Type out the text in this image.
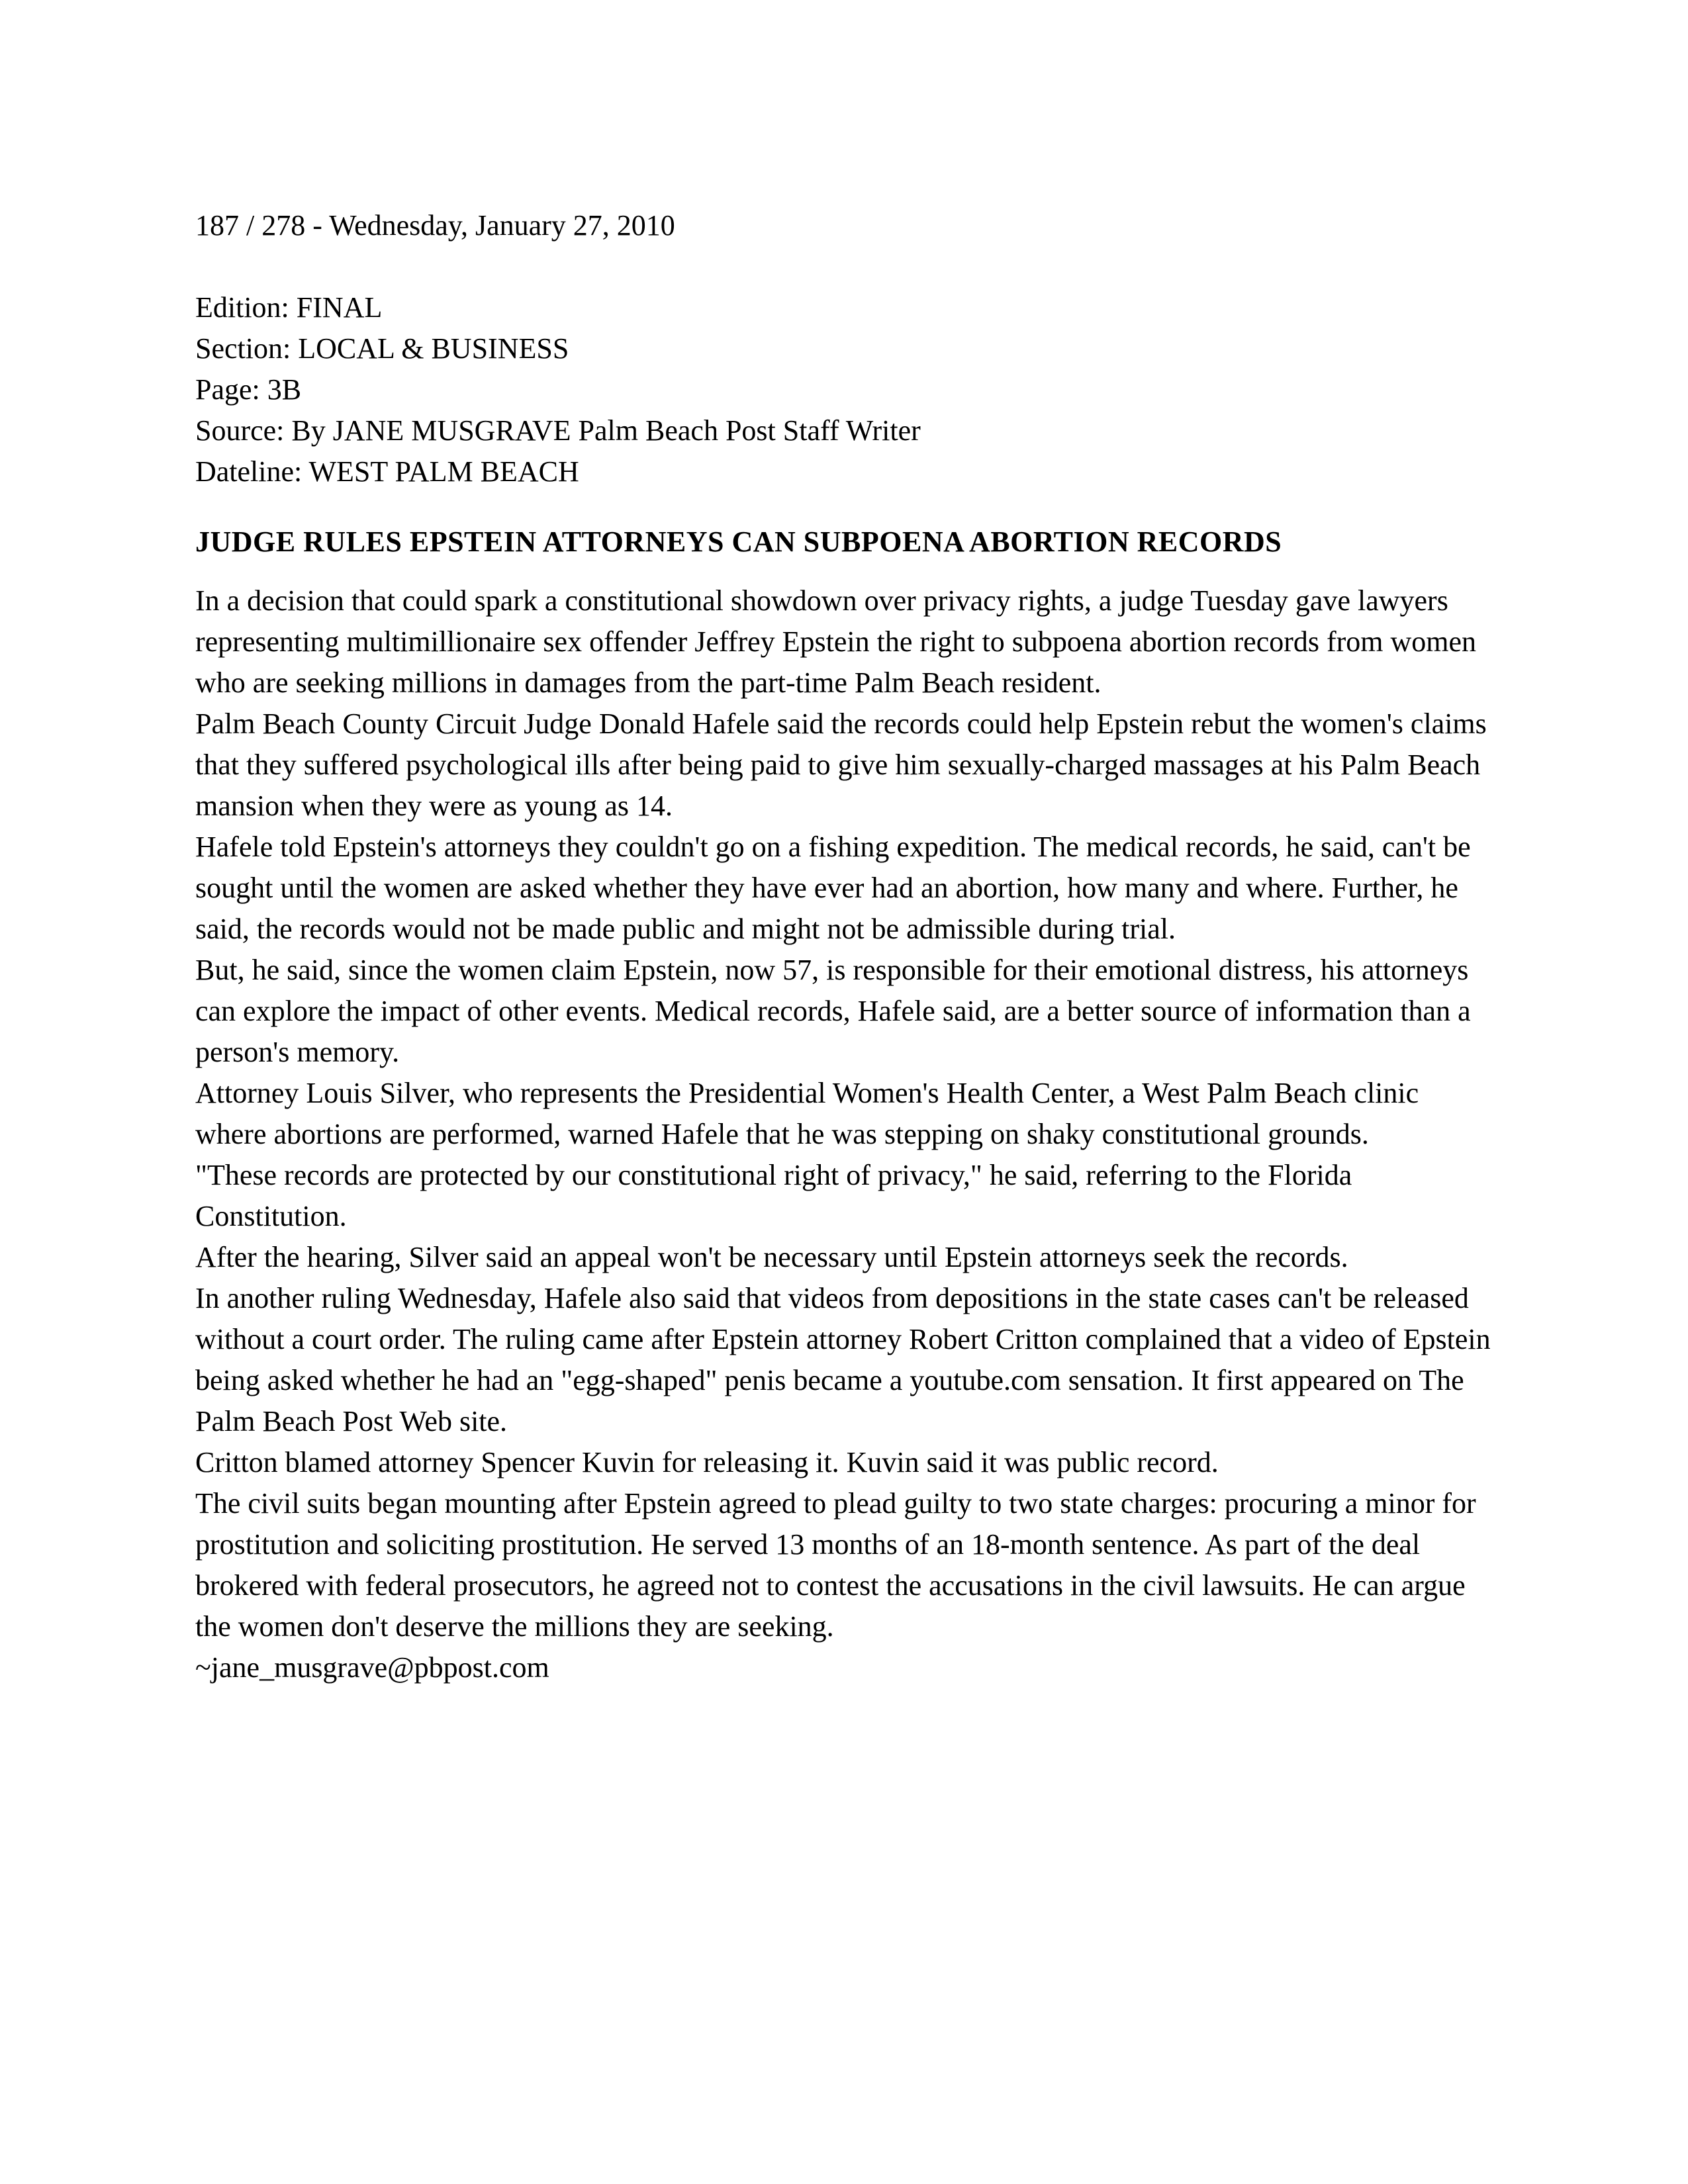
187 / 278 - Wednesday, January 27, 2010

Edition: FINAL

Section: LOCAL & BUSINESS

Page: 3B

Source: By JANE MUSGRAVE Palm Beach Post Staff Writer

Dateline: WEST PALM BEACH

JUDGE RULES EPSTEIN ATTORNEYS CAN SUBPOENA ABORTION RECORDS

In a decision that could spark a constitutional showdown over privacy rights, a judge Tuesday gave lawyers representing multimillionaire sex offender Jeffrey Epstein the right to subpoena abortion records from women who are seeking millions in damages from the part-time Palm Beach resident.

Palm Beach County Circuit Judge Donald Hafele said the records could help Epstein rebut the women's claims that they suffered psychological ills after being paid to give him sexually-charged massages at his Palm Beach mansion when they were as young as 14.

Hafele told Epstein's attorneys they couldn't go on a fishing expedition. The medical records, he said, can't be sought until the women are asked whether they have ever had an abortion, how many and where. Further, he said, the records would not be made public and might not be admissible during trial.

But, he said, since the women claim Epstein, now 57, is responsible for their emotional distress, his attorneys can explore the impact of other events. Medical records, Hafele said, are a better source of information than a person's memory.

Attorney Louis Silver, who represents the Presidential Women's Health Center, a West Palm Beach clinic where abortions are performed, warned Hafele that he was stepping on shaky constitutional grounds.

"These records are protected by our constitutional right of privacy," he said, referring to the Florida Constitution.

After the hearing, Silver said an appeal won't be necessary until Epstein attorneys seek the records.

In another ruling Wednesday, Hafele also said that videos from depositions in the state cases can't be released without a court order. The ruling came after Epstein attorney Robert Critton complained that a video of Epstein being asked whether he had an "egg-shaped" penis became a youtube.com sensation. It first appeared on The Palm Beach Post Web site.

Critton blamed attorney Spencer Kuvin for releasing it. Kuvin said it was public record.

The civil suits began mounting after Epstein agreed to plead guilty to two state charges: procuring a minor for prostitution and soliciting prostitution. He served 13 months of an 18-month sentence. As part of the deal brokered with federal prosecutors, he agreed not to contest the accusations in the civil lawsuits. He can argue the women don't deserve the millions they are seeking.

~jane_musgrave@pbpost.com
